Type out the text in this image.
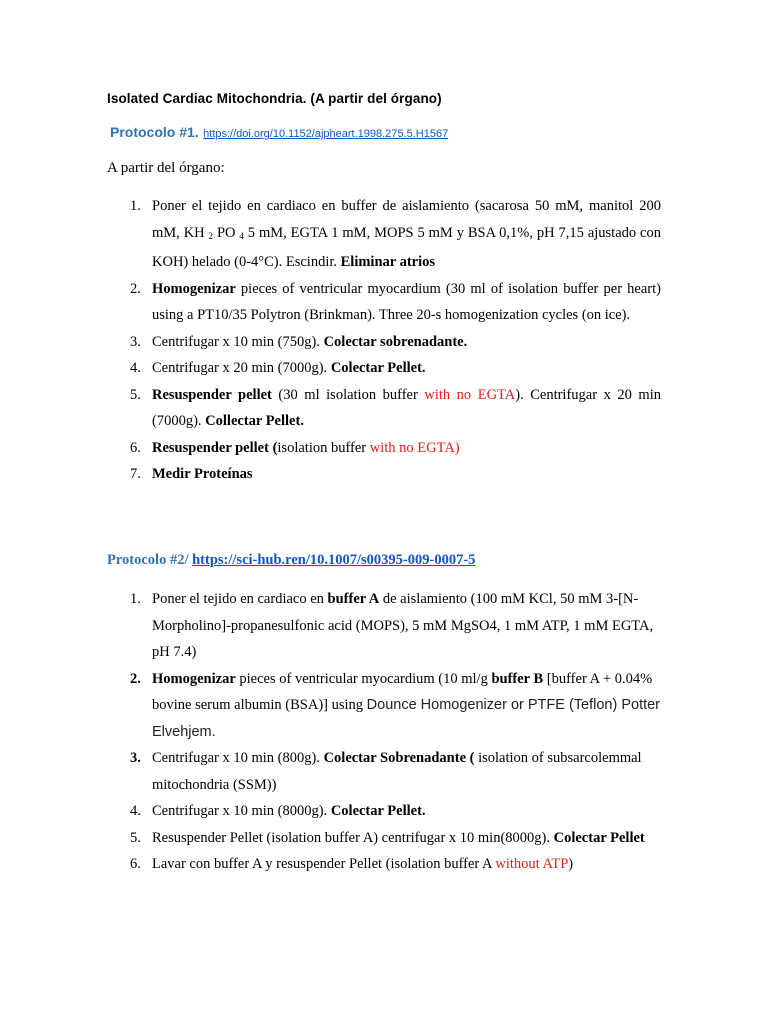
Isolated Cardiac Mitochondria. (A partir del órgano)
Protocolo #1. https://doi.org/10.1152/ajpheart.1998.275.5.H1567
A partir del órgano:
1. Poner el tejido en cardiaco en buffer de aislamiento (sacarosa 50 mM, manitol 200 mM, KH $_2$ PO $_4$ 5 mM, EGTA 1 mM, MOPS 5 mM y BSA 0,1%, pH 7,15 ajustado con KOH) helado (0-4°C). Escindir. Eliminar atrios
2. Homogenizar pieces of ventricular myocardium (30 ml of isolation buffer per heart) using a PT10/35 Polytron (Brinkman). Three 20-s homogenization cycles (on ice).
3. Centrifugar x 10 min (750g). Colectar sobrenadante.
4. Centrifugar x 20 min (7000g). Colectar Pellet.
5. Resuspender pellet (30 ml isolation buffer with no EGTA). Centrifugar x 20 min (7000g). Collectar Pellet.
6. Resuspender pellet (isolation buffer with no EGTA)
7. Medir Proteínas
Protocolo #2/ https://sci-hub.ren/10.1007/s00395-009-0007-5
1. Poner el tejido en cardiaco en buffer A de aislamiento (100 mM KCl, 50 mM 3-[N-Morpholino]-propanesulfonic acid (MOPS), 5 mM MgSO4, 1 mM ATP, 1 mM EGTA, pH 7.4)
2. Homogenizar pieces of ventricular myocardium (10 ml/g buffer B [buffer A + 0.04% bovine serum albumin (BSA)] using Dounce Homogenizer or PTFE (Teflon) Potter Elvehjem.
3. Centrifugar x 10 min (800g). Colectar Sobrenadante ( isolation of subsarcolemmal mitochondria (SSM))
4. Centrifugar x 10 min (8000g). Colectar Pellet.
5. Resuspender Pellet (isolation buffer A) centrifugar x 10 min(8000g). Colectar Pellet
6. Lavar con buffer A y resuspender Pellet (isolation buffer A without ATP)
